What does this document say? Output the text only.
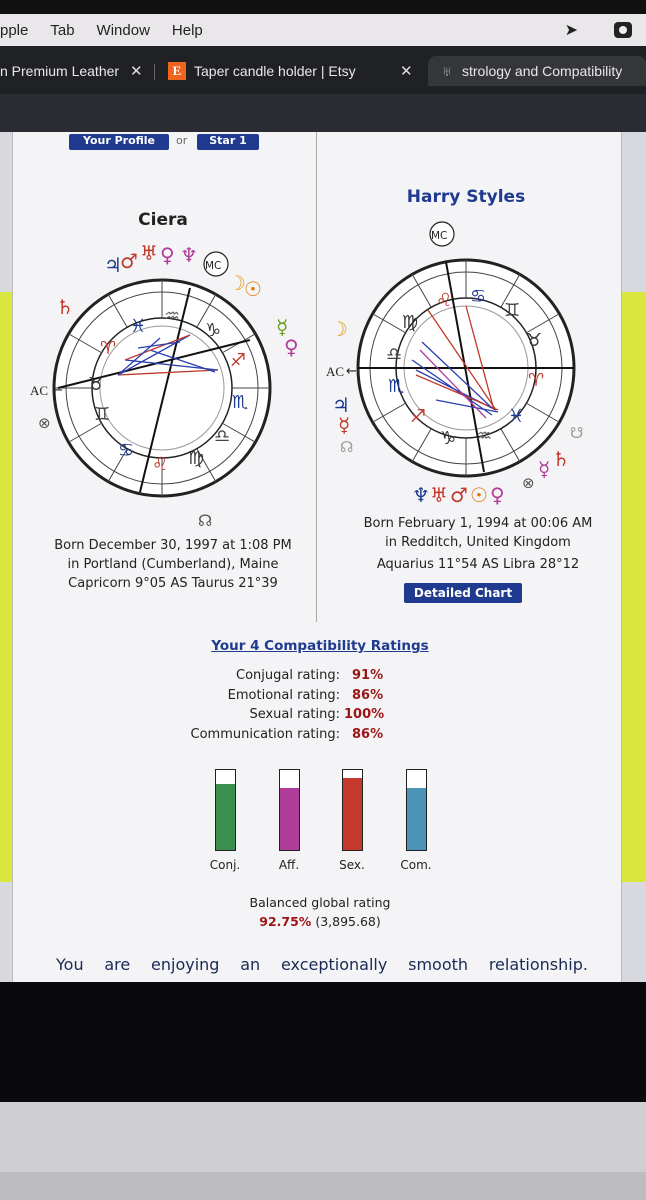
pple Tab Window Help	➤
n Premium Leather ✕	E Taper candle holder | Etsy	✕ ♅ strology and Compatibility
Your Profile	or	Star 1
Ciera
♓ ♒
♑
♐
♏
♎
♍
♌
♋
♊
♉
♈
♃
♂ ♅ ♀ ♆
☽
☉
☿
♀
♄
⊗
☊
MC
AC ←
Born December 30, 1997 at 1:08 PM
in Portland (Cumberland), Maine
Capricorn 9°05 AS Taurus 21°39
Harry Styles
MC
♌ ♋
♊
♉
♈
♓
♒
♑
♐
♏
♎
♍
☽
♃
☿
☊
☋
♄
☿
⊗
♆ ♅ ♂ ☉ ♀
AC ←
Born February 1, 1994 at 00:06 AM
in Redditch, United Kingdom
Aquarius 11°54 AS Libra 28°12
Detailed Chart
Your 4 Compatibility Ratings
Conjugal rating: 91%
Emotional rating: 86%
Sexual rating: 100%
Communication rating: 86%
Conj.	Aff.	Sex.	Com.
Balanced global rating
92.75% (3,895.68)
You are enjoying an exceptionally smooth relationship.
